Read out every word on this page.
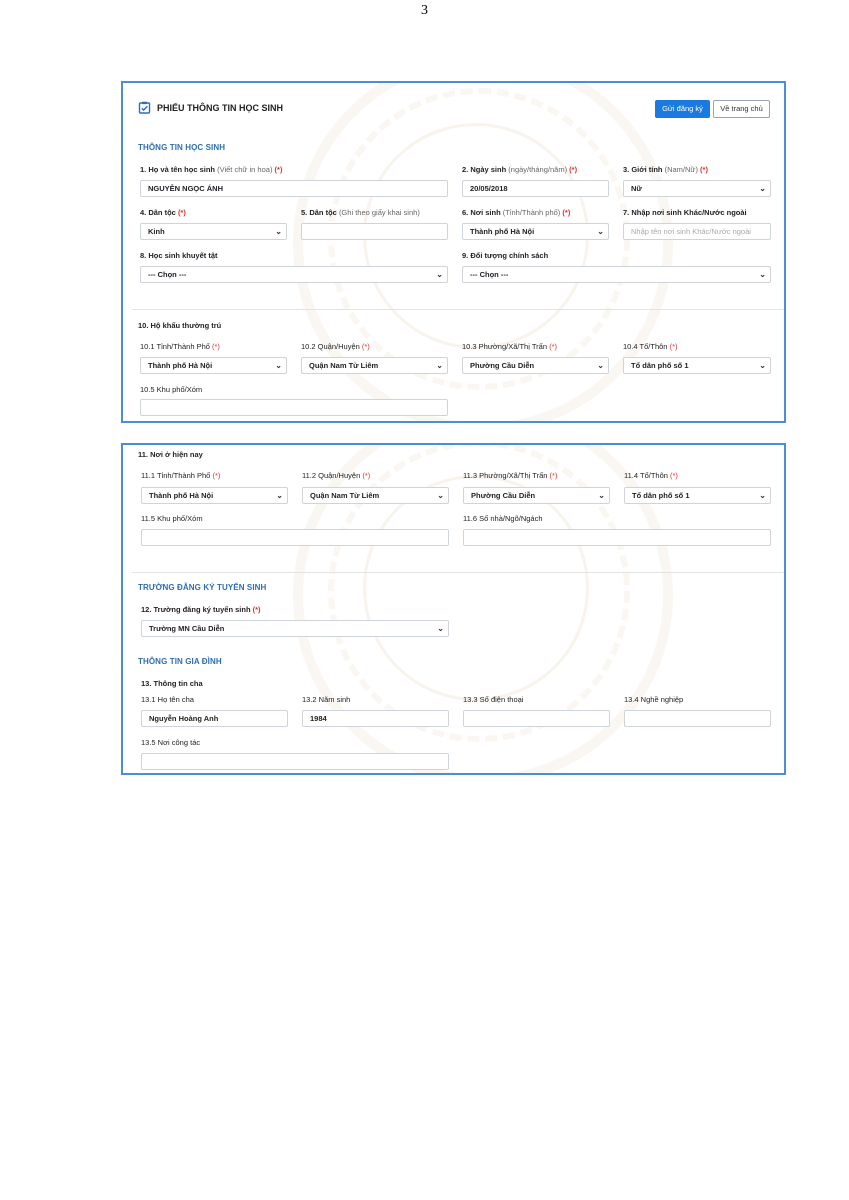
3
PHIẾU THÔNG TIN HỌC SINH	Gửi đăng ký	Về trang chủ
THÔNG TIN HỌC SINH
1. Họ và tên học sinh (Viết chữ in hoa) (*)
NGUYỄN NGỌC ÁNH
2. Ngày sinh (ngày/tháng/năm) (*)
20/05/2018
3. Giới tính (Nam/Nữ) (*)
Nữ	⌄
4. Dân tộc (*)
Kinh	⌄
5. Dân tộc (Ghi theo giấy khai sinh)	6. Nơi sinh (Tỉnh/Thành phố) (*)
Thành phố Hà Nội	⌄
7. Nhập nơi sinh Khác/Nước ngoài
Nhập tên nơi sinh Khác/Nước ngoài
8. Học sinh khuyết tật
--- Chọn ---	⌄
9. Đối tượng chính sách
--- Chọn ---	⌄
10. Hộ khẩu thường trú
10.1 Tỉnh/Thành Phố (*)
Thành phố Hà Nội	⌄
10.2 Quận/Huyện (*)
Quận Nam Từ Liêm	⌄
10.3 Phường/Xã/Thị Trấn (*)
Phường Cầu Diễn	⌄
10.4 Tổ/Thôn (*)
Tổ dân phố số 1	⌄
10.5 Khu phố/Xóm
11. Nơi ở hiện nay
11.1 Tỉnh/Thành Phố (*)
Thành phố Hà Nội	⌄
11.2 Quận/Huyện (*)
Quận Nam Từ Liêm	⌄
11.3 Phường/Xã/Thị Trấn (*)
Phường Cầu Diễn	⌄
11.4 Tổ/Thôn (*)
Tổ dân phố số 1	⌄
11.5 Khu phố/Xóm	11.6 Số nhà/Ngõ/Ngách
TRƯỜNG ĐĂNG KÝ TUYỂN SINH
12. Trường đăng ký tuyển sinh (*)
Trường MN Cầu Diễn	⌄
THÔNG TIN GIA ĐÌNH
13. Thông tin cha
13.1 Họ tên cha
Nguyễn Hoàng Anh
13.2 Năm sinh
1984
13.3 Số điện thoại	13.4 Nghề nghiệp
13.5 Nơi công tác
